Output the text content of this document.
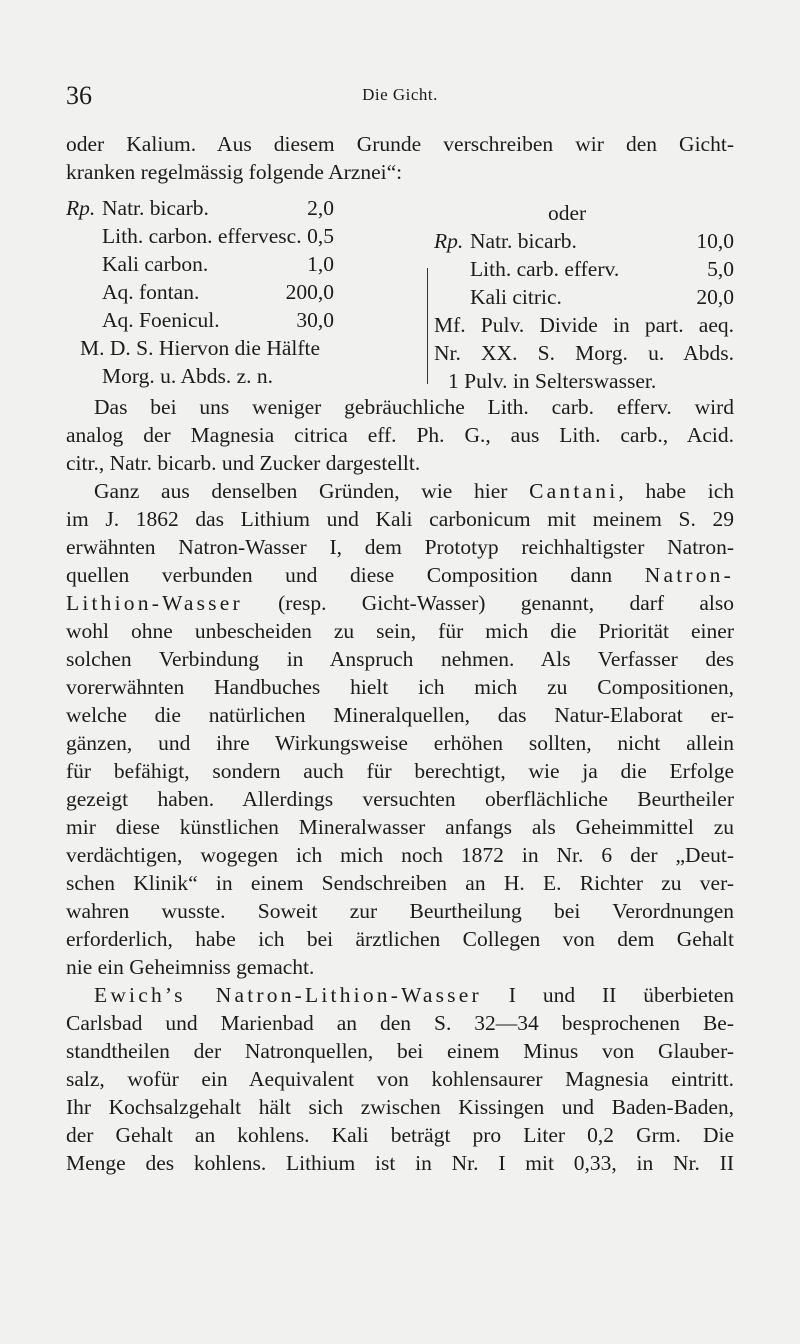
36	Die Gicht.
oder Kalium. Aus diesem Grunde verschreiben wir den Gicht-
kranken regelmässig folgende Arznei“:
Rp. Natr. bicarb.	2,0
Lith. carbon. effervesc. 0,5
Kali carbon.	1,0
Aq. fontan.	200,0
Aq. Foenicul.	30,0
M. D. S. Hiervon die Hälfte
Morg. u. Abds. z. n.
oder
Rp. Natr. bicarb.	10,0
Lith. carb. efferv.	5,0
Kali citric.	20,0
Mf. Pulv. Divide in part. aeq.
Nr. XX. S. Morg. u. Abds.
1 Pulv. in Selterswasser.
Das bei uns weniger gebräuchliche Lith. carb. efferv. wird
analog der Magnesia citrica eff. Ph. G., aus Lith. carb., Acid.
citr., Natr. bicarb. und Zucker dargestellt.
Ganz aus denselben Gründen, wie hier Cantani, habe ich
im J. 1862 das Lithium und Kali carbonicum mit meinem S. 29
erwähnten Natron-Wasser I, dem Prototyp reichhaltigster Natron-
quellen verbunden und diese Composition dann Natron-
Lithion-Wasser (resp. Gicht-Wasser) genannt, darf also
wohl ohne unbescheiden zu sein, für mich die Priorität einer
solchen Verbindung in Anspruch nehmen. Als Verfasser des
vorerwähnten Handbuches hielt ich mich zu Compositionen,
welche die natürlichen Mineralquellen, das Natur-Elaborat er-
gänzen, und ihre Wirkungsweise erhöhen sollten, nicht allein
für befähigt, sondern auch für berechtigt, wie ja die Erfolge
gezeigt haben. Allerdings versuchten oberflächliche Beurtheiler
mir diese künstlichen Mineralwasser anfangs als Geheimmittel zu
verdächtigen, wogegen ich mich noch 1872 in Nr. 6 der „Deut-
schen Klinik“ in einem Sendschreiben an H. E. Richter zu ver-
wahren wusste. Soweit zur Beurtheilung bei Verordnungen
erforderlich, habe ich bei ärztlichen Collegen von dem Gehalt
nie ein Geheimniss gemacht.
Ewich’s Natron-Lithion-Wasser I und II überbieten
Carlsbad und Marienbad an den S. 32—34 besprochenen Be-
standtheilen der Natronquellen, bei einem Minus von Glauber-
salz, wofür ein Aequivalent von kohlensaurer Magnesia eintritt.
Ihr Kochsalzgehalt hält sich zwischen Kissingen und Baden-Baden,
der Gehalt an kohlens. Kali beträgt pro Liter 0,2 Grm. Die
Menge des kohlens. Lithium ist in Nr. I mit 0,33, in Nr. II
